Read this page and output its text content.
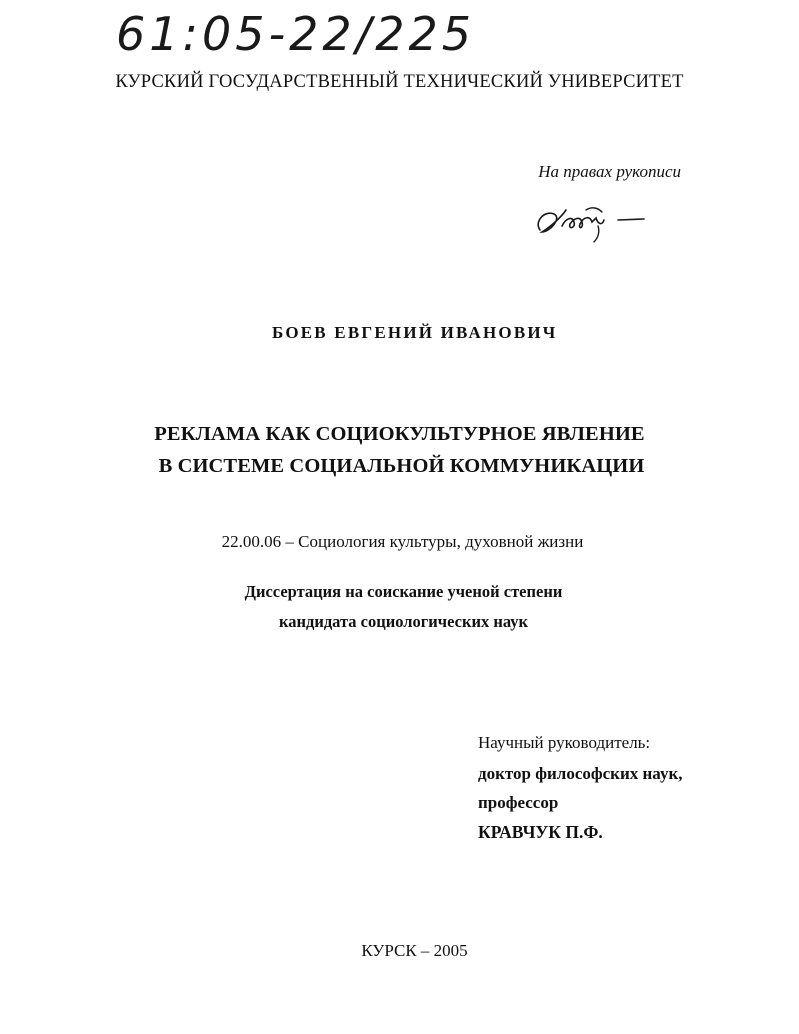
61:05-22/225
КУРСКИЙ ГОСУДАРСТВЕННЫЙ ТЕХНИЧЕСКИЙ УНИВЕРСИТЕТ
На правах рукописи
БОЕВ ЕВГЕНИЙ ИВАНОВИЧ
РЕКЛАМА КАК СОЦИОКУЛЬТУРНОЕ ЯВЛЕНИЕ
В СИСТЕМЕ СОЦИАЛЬНОЙ КОММУНИКАЦИИ
22.00.06 – Социология культуры, духовной жизни
Диссертация на соискание ученой степени
кандидата социологических наук
Научный руководитель:
доктор философских наук,
профессор
КРАВЧУК П.Ф.
КУРСК – 2005
